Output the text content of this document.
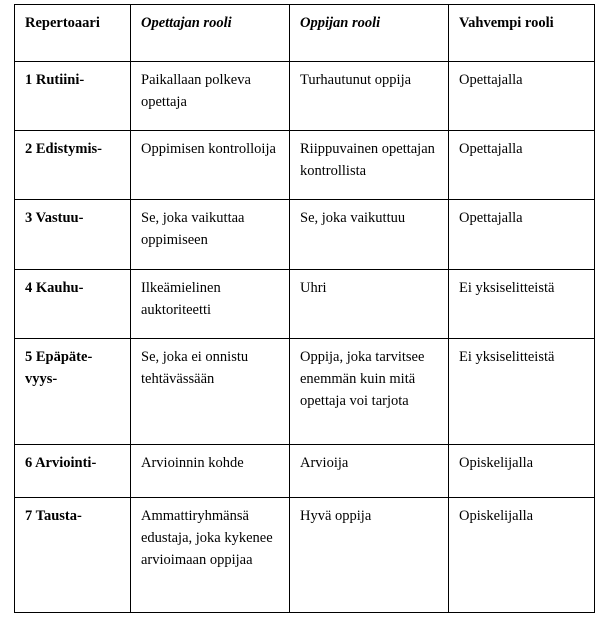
Repertoaari	Opettajan rooli	Oppijan rooli	Vahvempi rooli
1 Rutiini-	Paikallaan polkeva opettaja	Turhautunut oppija	Opettajalla
2 Edistymis-	Oppimisen kontrolloija	Riippuvainen opettajan kontrollista	Opettajalla
3 Vastuu-	Se, joka vaikuttaa oppimiseen	Se, joka vaikuttuu	Opettajalla
4 Kauhu-	Ilkeämielinen auktoriteetti	Uhri	Ei yksiselitteistä
5 Epäpäte-vyys-	Se, joka ei onnistu tehtävässään	Oppija, joka tarvitsee enemmän kuin mitä opettaja voi tarjota	Ei yksiselitteistä
6 Arviointi-	Arvioinnin kohde	Arvioija	Opiskelijalla
7 Tausta-	Ammattiryhmänsä edustaja, joka kykenee arvioimaan oppijaa	Hyvä oppija	Opiskelijalla
